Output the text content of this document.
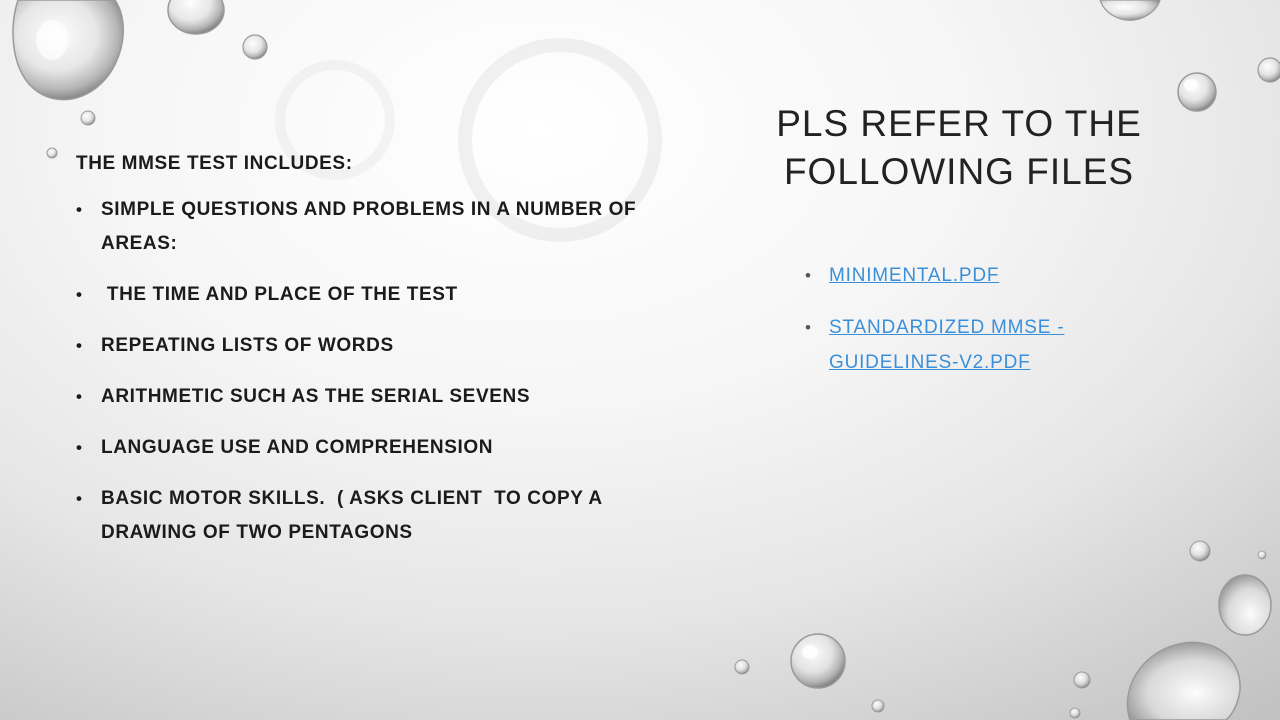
THE MMSE TEST INCLUDES:
• SIMPLE QUESTIONS AND PROBLEMS IN A NUMBER OF AREAS:
• THE TIME AND PLACE OF THE TEST
• REPEATING LISTS OF WORDS
• ARITHMETIC SUCH AS THE SERIAL SEVENS
• LANGUAGE USE AND COMPREHENSION
• BASIC MOTOR SKILLS.  ( ASKS CLIENT  TO COPY A DRAWING OF TWO PENTAGONS
PLS REFER TO THE FOLLOWING FILES
• MINIMENTAL.PDF
• STANDARDIZED MMSE - GUIDELINES-V2.PDF
